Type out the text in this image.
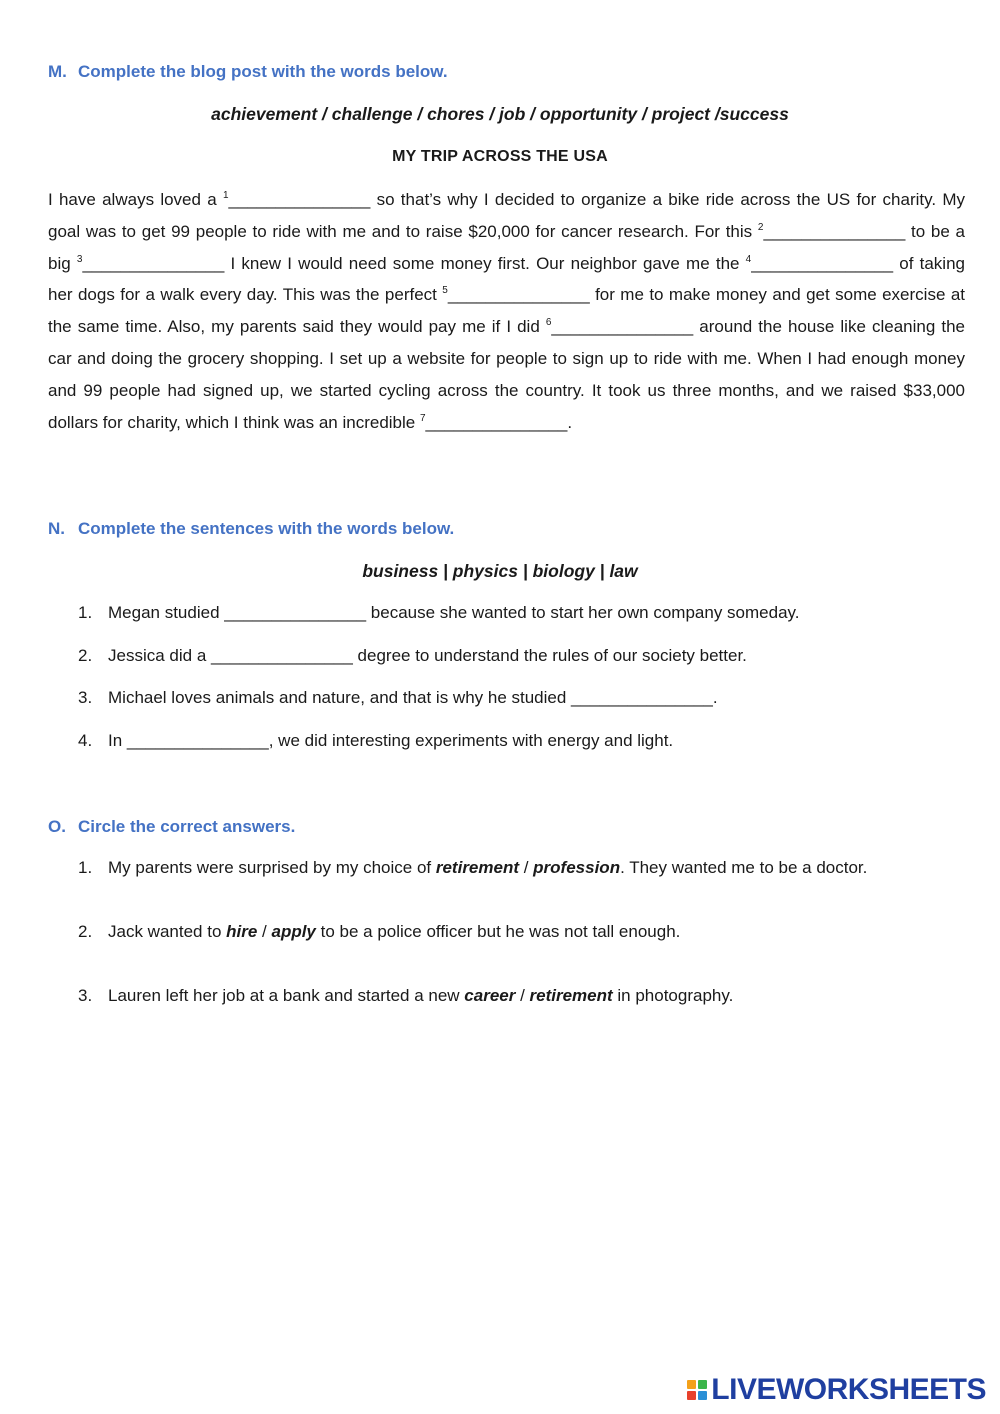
M. Complete the blog post with the words below.
achievement / challenge / chores / job / opportunity / project /success
MY TRIP ACROSS THE USA

I have always loved a $^1$_______________ so that’s why I decided to organize a bike ride across the US for charity. My goal was to get 99 people to ride with me and to raise $20,000 for cancer research. For this $^2$_______________ to be a big $^3$_______________ I knew I would need some money first. Our neighbor gave me the $^4$_______________ of taking her dogs for a walk every day. This was the perfect $^5$_______________ for me to make money and get some exercise at the same time. Also, my parents said they would pay me if I did $^6$_______________ around the house like cleaning the car and doing the grocery shopping. I set up a website for people to sign up to ride with me. When I had enough money and 99 people had signed up, we started cycling across the country. It took us three months, and we raised $33,000 dollars for charity, which I think was an incredible $^7$_______________.

N. Complete the sentences with the words below.
business | physics | biology | law
1. Megan studied _______________ because she wanted to start her own company someday.
2. Jessica did a _______________ degree to understand the rules of our society better.
3. Michael loves animals and nature, and that is why he studied _______________.
4. In _______________, we did interesting experiments with energy and light.
O. Circle the correct answers.
1. My parents were surprised by my choice of retirement / profession. They wanted me to be a doctor.
2. Jack wanted to hire / apply to be a police officer but he was not tall enough.
3. Lauren left her job at a bank and started a new career / retirement in photography.
LIVEWORKSHEETS
